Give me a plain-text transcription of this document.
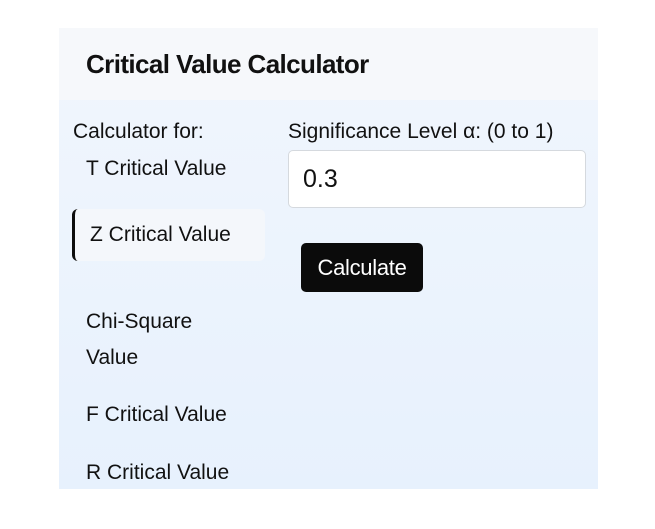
Critical Value Calculator
Calculator for:
T Critical Value
Z Critical Value
Chi-Square Value
F Critical Value
R Critical Value
Significance Level α: (0 to 1)
0.3
Calculate
